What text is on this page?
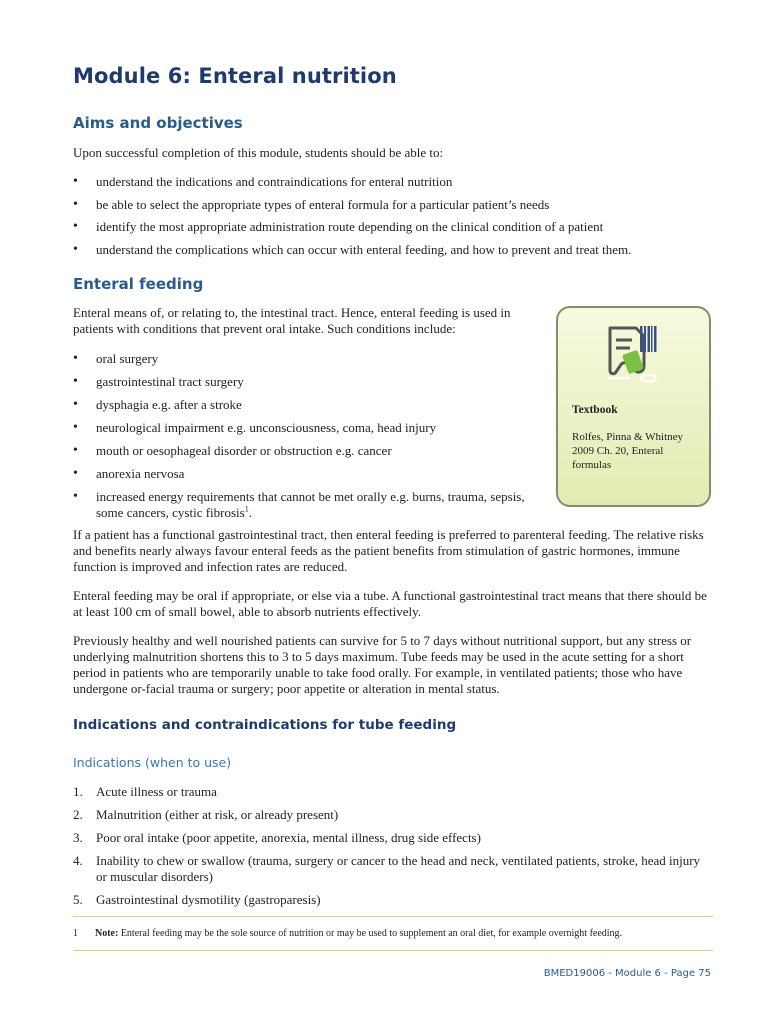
Module 6: Enteral nutrition
Aims and objectives

Upon successful completion of this module, students should be able to:

• understand the indications and contraindications for enteral nutrition
• be able to select the appropriate types of enteral formula for a particular patient’s needs
• identify the most appropriate administration route depending on the clinical condition of a patient
• understand the complications which can occur with enteral feeding, and how to prevent and treat them.
Enteral feeding

Enteral means of, or relating to, the intestinal tract. Hence, enteral feeding is used in patients with conditions that prevent oral intake. Such conditions include:

• oral surgery
• gastrointestinal tract surgery
• dysphagia e.g. after a stroke
• neurological impairment e.g. unconsciousness, coma, head injury
• mouth or oesophageal disorder or obstruction e.g. cancer
• anorexia nervosa
• increased energy requirements that cannot be met orally e.g. burns, trauma, sepsis, some cancers, cystic fibrosis$^1$.
Textbook
Rolfes, Pinna & Whitney 2009 Ch. 20, Enteral formulas

If a patient has a functional gastrointestinal tract, then enteral feeding is preferred to parenteral feeding. The relative risks and benefits nearly always favour enteral feeds as the patient benefits from stimulation of gastric hormones, immune function is improved and infection rates are reduced.

Enteral feeding may be oral if appropriate, or else via a tube. A functional gastrointestinal tract means that there should be at least 100 cm of small bowel, able to absorb nutrients effectively.

Previously healthy and well nourished patients can survive for 5 to 7 days without nutritional support, but any stress or underlying malnutrition shortens this to 3 to 5 days maximum. Tube feeds may be used in the acute setting for a short period in patients who are temporarily unable to take food orally. For example, in ventilated patients; those who have undergone or-facial trauma or surgery; poor appetite or alteration in mental status.

Indications and contraindications for tube feeding
Indications (when to use)
1. Acute illness or trauma
2. Malnutrition (either at risk, or already present)
3. Poor oral intake (poor appetite, anorexia, mental illness, drug side effects)
4. Inability to chew or swallow (trauma, surgery or cancer to the head and neck, ventilated patients, stroke, head injury or muscular disorders)
5. Gastrointestinal dysmotility (gastroparesis)
1 Note: Enteral feeding may be the sole source of nutrition or may be used to supplement an oral diet, for example overnight feeding.
BMED19006 - Module 6 - Page 75
